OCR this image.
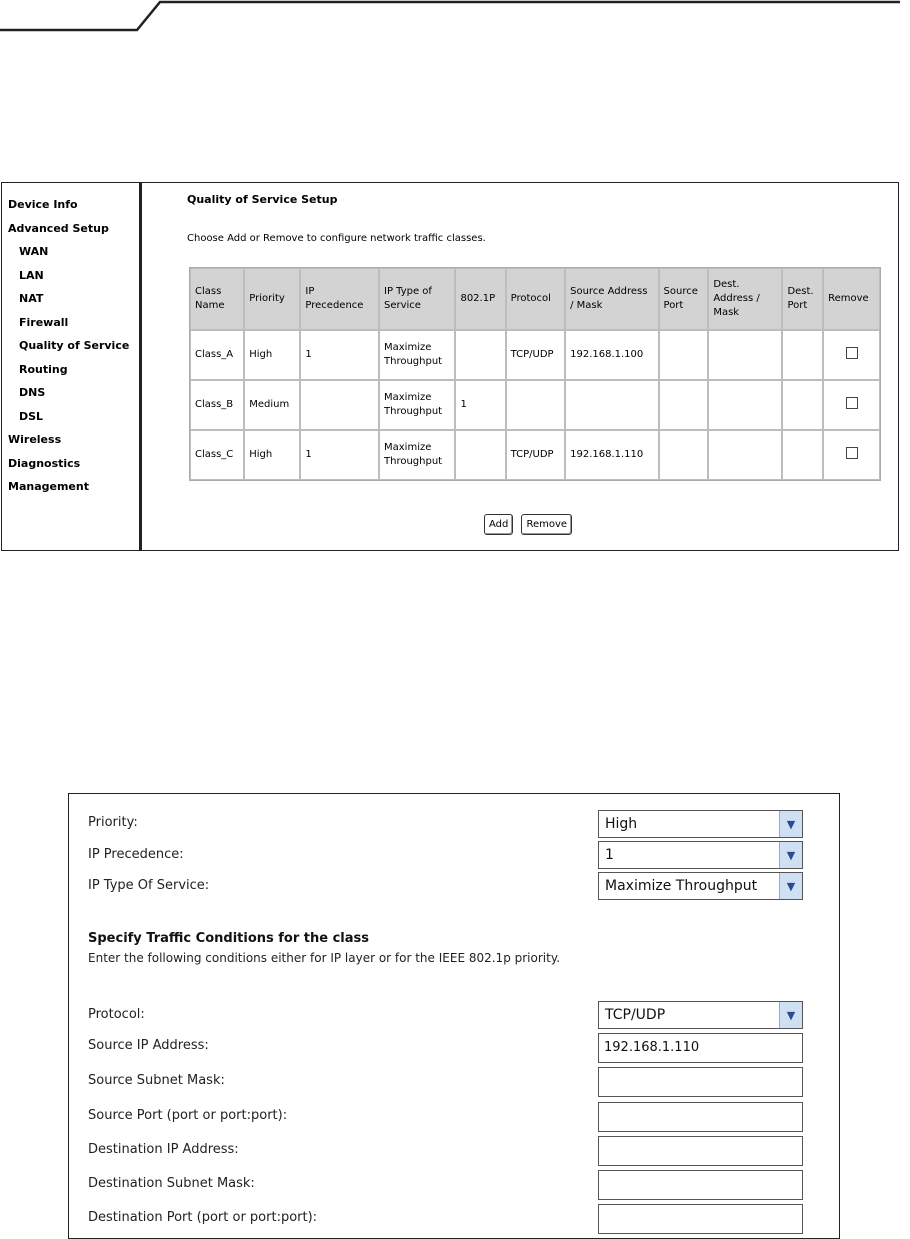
Device Info
Advanced Setup
WAN
LAN
NAT
Firewall
Quality of Service
Routing
DNS
DSL
Wireless
Diagnostics
Management
Quality of Service Setup
Choose Add or Remove to configure network traffic classes.
Class Name	Priority	IP Precedence	IP Type of Service	802.1P	Protocol	Source Address / Mask	Source Port	Dest. Address / Mask	Dest. Port	Remove
Class_A	High	1	Maximize Throughput		TCP/UDP	192.168.1.100				
Class_B	Medium		Maximize Throughput	1						
Class_C	High	1	Maximize Throughput		TCP/UDP	192.168.1.110				
Add Remove
Priority:	High	▼
IP Precedence:	1	▼
IP Type Of Service:	Maximize Throughput	▼
Specify Traffic Conditions for the class
Enter the following conditions either for IP layer or for the IEEE 802.1p priority.
Protocol:	TCP/UDP	▼
Source IP Address:	192.168.1.110
Source Subnet Mask:
Source Port (port or port:port):
Destination IP Address:
Destination Subnet Mask:
Destination Port (port or port:port):
